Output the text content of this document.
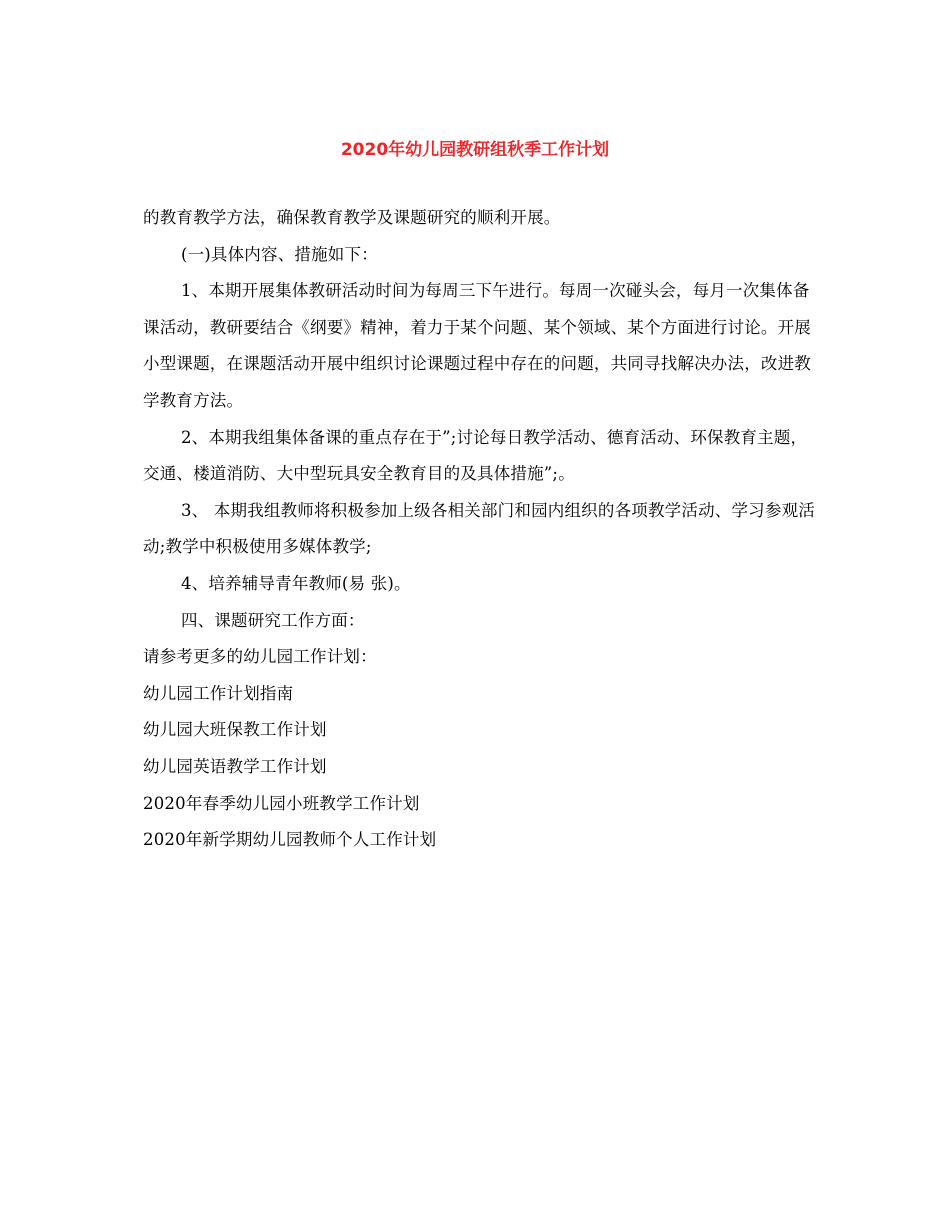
2020年幼儿园教研组秋季工作计划

的教育教学方法，确保教育教学及课题研究的顺利开展。

(一)具体内容、措施如下：

1、本期开展集体教研活动时间为每周三下午进行。每周一次碰头会，每月一次集体备课活动，教研要结合《纲要》精神，着力于某个问题、某个领域、某个方面进行讨论。开展小型课题，在课题活动开展中组织讨论课题过程中存在的问题，共同寻找解决办法，改进教学教育方法。

2、本期我组集体备课的重点存在于”;讨论每日教学活动、德育活动、环保教育主题，交通、楼道消防、大中型玩具安全教育目的及具体措施”;。

3、 本期我组教师将积极参加上级各相关部门和园内组织的各项教学活动、学习参观活动;教学中积极使用多媒体教学;

4、培养辅导青年教师(易 张)。

四、课题研究工作方面：

请参考更多的幼儿园工作计划：

幼儿园工作计划指南
幼儿园大班保教工作计划
幼儿园英语教学工作计划
2020年春季幼儿园小班教学工作计划
2020年新学期幼儿园教师个人工作计划
